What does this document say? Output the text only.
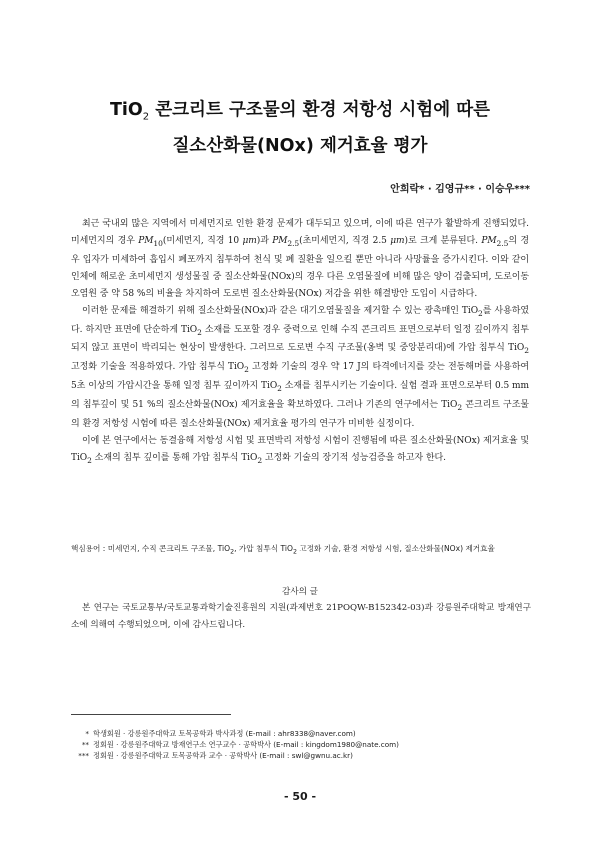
TiO$_2$ 콘크리트 구조물의 환경 저항성 시험에 따른
질소산화물(NOx) 제거효율 평가
안희락* · 김영규** · 이승우***

최근 국내외 많은 지역에서 미세먼지로 인한 환경 문제가 대두되고 있으며, 이에 따른 연구가 활발하게 진행되었다. 미세먼지의 경우 $PM_{10}$(미세먼지, 직경 10 μm)과 $PM_{2.5}$(초미세먼지, 직경 2.5 μm)로 크게 분류된다. $PM_{2.5}$의 경우 입자가 미세하여 흡입시 폐포까지 침투하여 천식 및 폐 질환을 일으킬 뿐만 아니라 사망률을 증가시킨다. 이와 같이 인체에 해로운 초미세먼지 생성물질 중 질소산화물(NOx)의 경우 다른 오염물질에 비해 많은 양이 검출되며, 도로이동오염원 중 약 58 %의 비율을 차지하여 도로변 질소산화물(NOx) 저감을 위한 해결방안 도입이 시급하다.

이러한 문제를 해결하기 위해 질소산화물(NOx)과 같은 대기오염물질을 제거할 수 있는 광촉매인 TiO$_2$를 사용하였다. 하지만 표면에 단순하게 TiO$_2$ 소재를 도포할 경우 중력으로 인해 수직 콘크리트 표면으로부터 일정 깊이까지 침투되지 않고 표면이 박리되는 현상이 발생한다. 그러므로 도로변 수직 구조물(옹벽 및 중앙분리대)에 가압 침투식 TiO$_2$ 고정화 기술을 적용하였다. 가압 침투식 TiO$_2$ 고정화 기술의 경우 약 17 J의 타격에너지를 갖는 전동해머를 사용하여 5초 이상의 가압시간을 통해 일정 침투 깊이까지 TiO$_2$ 소재를 침투시키는 기술이다. 실험 결과 표면으로부터 0.5 mm의 침투깊이 및 51 %의 질소산화물(NOx) 제거효율을 확보하였다. 그러나 기존의 연구에서는 TiO$_2$ 콘크리트 구조물의 환경 저항성 시험에 따른 질소산화물(NOx) 제거효율 평가의 연구가 미비한 실정이다.

이에 본 연구에서는 동결융해 저항성 시험 및 표면박리 저항성 시험이 진행됨에 따른 질소산화물(NOx) 제거효율 및 TiO$_2$ 소재의 침투 깊이를 통해 가압 침투식 TiO$_2$ 고정화 기술의 장기적 성능검증을 하고자 한다.

핵심용어 : 미세먼지, 수직 콘크리트 구조물, TiO$_2$, 가압 침투식 TiO$_2$ 고정화 기술, 환경 저항성 시험, 질소산화물(NOx) 제거효율
감사의 글

본 연구는 국토교통부/국토교통과학기술진흥원의 지원(과제번호 21POQW-B152342-03)과 강릉원주대학교 방재연구소에 의해여 수행되었으며, 이에 감사드립니다.

* 학생회원 · 강릉원주대학교 토목공학과 박사과정 (E-mail : ahr8338@naver.com)
** 정회원 · 강릉원주대학교 방재연구소 연구교수 · 공학박사 (E-mail : kingdom1980@nate.com)
*** 정회원 · 강릉원주대학교 토목공학과 교수 · 공학박사 (E-mail : swl@gwnu.ac.kr)
- 50 -
